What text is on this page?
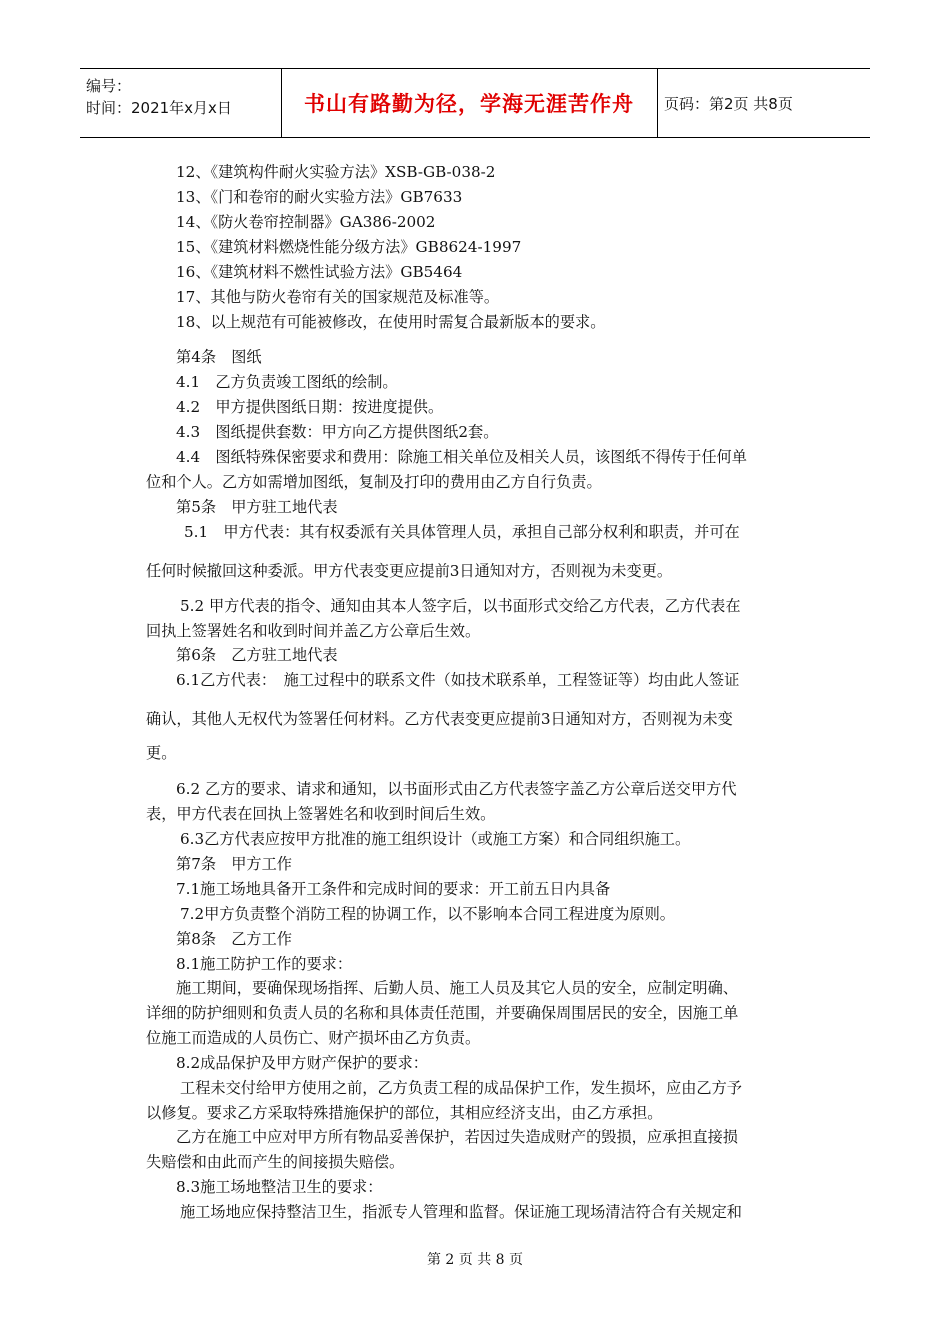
编号：
时间：2021年x月x日	书山有路勤为径，学海无涯苦作舟	页码：第2页 共8页
12、《建筑构件耐火实验方法》XSB-GB-038-2
13、《门和卷帘的耐火实验方法》GB7633
14、《防火卷帘控制器》GA386-2002
15、《建筑材料燃烧性能分级方法》GB8624-1997
16、《建筑材料不燃性试验方法》GB5464
17、其他与防火卷帘有关的国家规范及标准等。
18、以上规范有可能被修改，在使用时需复合最新版本的要求。
第4条　图纸
4.1　乙方负责竣工图纸的绘制。
4.2　甲方提供图纸日期：按进度提供。
4.3　图纸提供套数：甲方向乙方提供图纸2套。
4.4　图纸特殊保密要求和费用：除施工相关单位及相关人员，该图纸不得传于任何单
位和个人。乙方如需增加图纸，复制及打印的费用由乙方自行负责。
第5条　甲方驻工地代表
5.1　甲方代表：其有权委派有关具体管理人员，承担自己部分权利和职责，并可在
任何时候撤回这种委派。甲方代表变更应提前3日通知对方，否则视为未变更。
5.2 甲方代表的指令、通知由其本人签字后，以书面形式交给乙方代表，乙方代表在
回执上签署姓名和收到时间并盖乙方公章后生效。
第6条　乙方驻工地代表
6.1乙方代表：　施工过程中的联系文件（如技术联系单，工程签证等）均由此人签证
确认，其他人无权代为签署任何材料。乙方代表变更应提前3日通知对方，否则视为未变
更。
6.2 乙方的要求、请求和通知，以书面形式由乙方代表签字盖乙方公章后送交甲方代
表，甲方代表在回执上签署姓名和收到时间后生效。
6.3乙方代表应按甲方批准的施工组织设计（或施工方案）和合同组织施工。
第7条　甲方工作
7.1施工场地具备开工条件和完成时间的要求：开工前五日内具备
7.2甲方负责整个消防工程的协调工作，以不影响本合同工程进度为原则。
第8条　乙方工作
8.1施工防护工作的要求：
施工期间，要确保现场指挥、后勤人员、施工人员及其它人员的安全，应制定明确、
详细的防护细则和负责人员的名称和具体责任范围，并要确保周围居民的安全，因施工单
位施工而造成的人员伤亡、财产损坏由乙方负责。
8.2成品保护及甲方财产保护的要求：
工程未交付给甲方使用之前，乙方负责工程的成品保护工作，发生损坏，应由乙方予
以修复。要求乙方采取特殊措施保护的部位，其相应经济支出，由乙方承担。
乙方在施工中应对甲方所有物品妥善保护，若因过失造成财产的毁损，应承担直接损
失赔偿和由此而产生的间接损失赔偿。
8.3施工场地整洁卫生的要求：
施工场地应保持整洁卫生，指派专人管理和监督。保证施工现场清洁符合有关规定和
第 2 页 共 8 页
